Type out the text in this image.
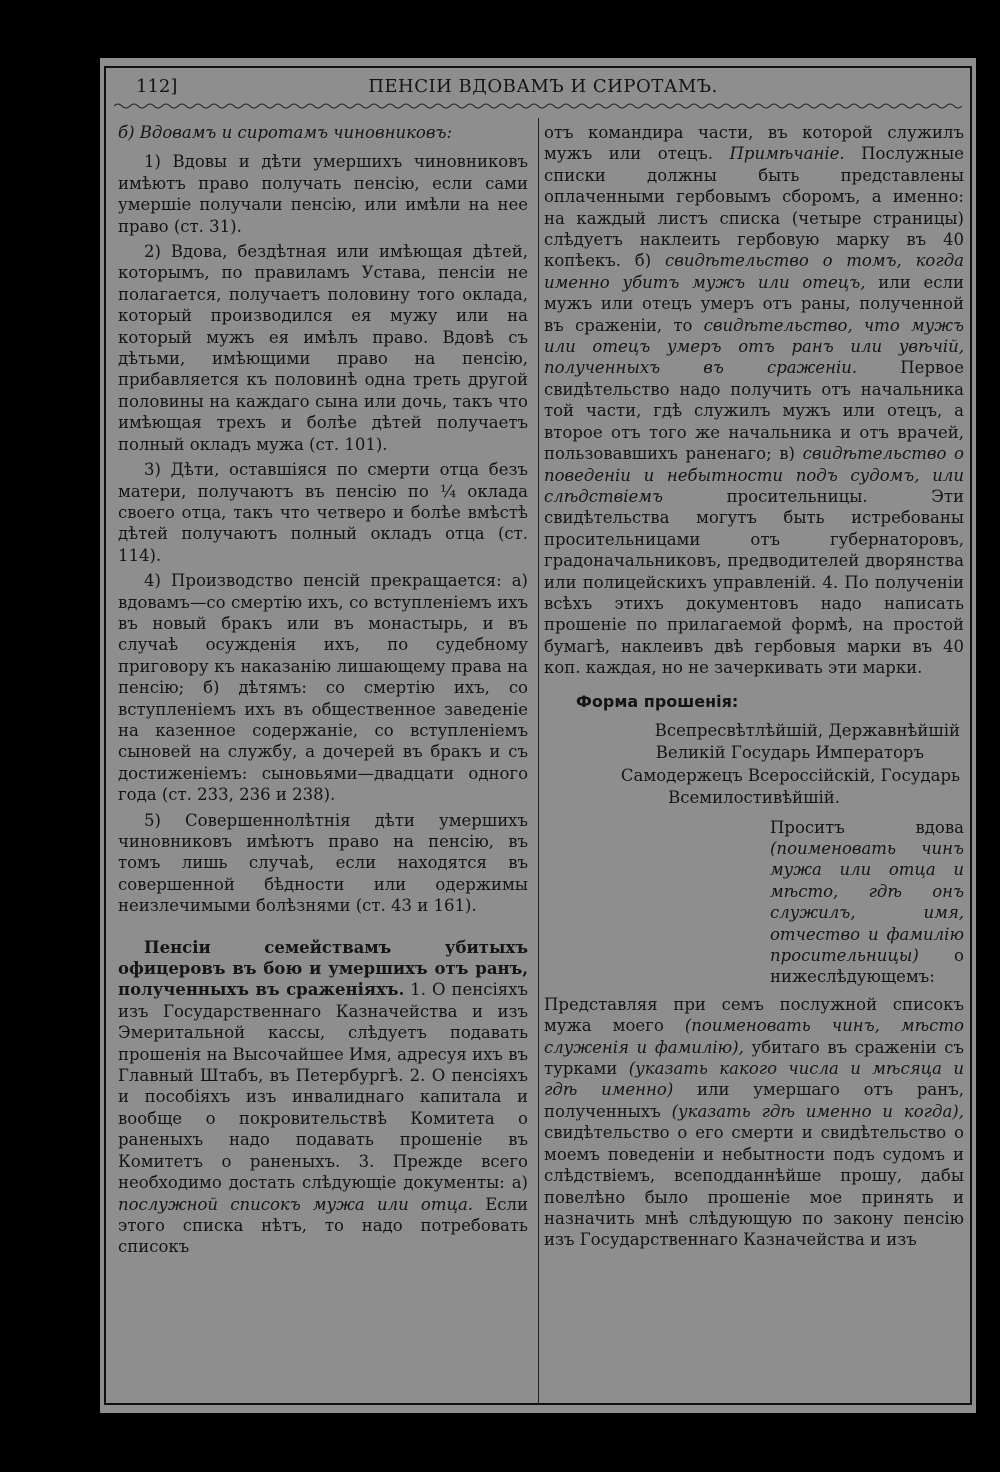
112]	ПЕНСІИ ВДОВАМЪ И СИРОТАМЪ.

б) Вдовамъ и сиротамъ чиновниковъ:

1) Вдовы и дѣти умершихъ чиновниковъ имѣютъ право получать пенсію, если сами умершіе получали пенсію, или имѣли на нее право (ст. 31).

2) Вдова, бездѣтная или имѣющая дѣтей, которымъ, по правиламъ Устава, пенсіи не полагается, получаетъ половину того оклада, который производился ея мужу или на который мужъ ея имѣлъ право. Вдовѣ съ дѣтьми, имѣющими право на пенсію, прибавляется къ половинѣ одна треть другой половины на каждаго сына или дочь, такъ что имѣющая трехъ и болѣе дѣтей получаетъ полный окладъ мужа (ст. 101).

3) Дѣти, оставшіяся по смерти отца безъ матери, получаютъ въ пенсію по ¼ оклада своего отца, такъ что четверо и болѣе вмѣстѣ дѣтей получаютъ полный окладъ отца (ст. 114).

4) Производство пенсій прекращается: а) вдовамъ—со смертію ихъ, со вступленіемъ ихъ въ новый бракъ или въ монастырь, и въ случаѣ осужденія ихъ, по судебному приговору къ наказанію лишающему права на пенсію; б) дѣтямъ: со смертію ихъ, со вступленіемъ ихъ въ общественное заведеніе на казенное содержаніе, со вступленіемъ сыновей на службу, а дочерей въ бракъ и съ достиженіемъ: сыновьями—двадцати одного года (ст. 233, 236 и 238).

5) Совершеннолѣтнія дѣти умершихъ чиновниковъ имѣютъ право на пенсію, въ томъ лишь случаѣ, если находятся въ совершенной бѣдности или одержимы неизлечимыми болѣзнями (ст. 43 и 161).

Пенсіи семействамъ убитыхъ офицеровъ въ бою и умершихъ отъ ранъ, полученныхъ въ сраженіяхъ. 1. О пенсіяхъ изъ Государственнаго Казначейства и изъ Эмеритальной кассы, слѣдуетъ подавать прошенія на Высочайшее Имя, адресуя ихъ въ Главный Штабъ, въ Петербургѣ. 2. О пенсіяхъ и пособіяхъ изъ инвалиднаго капитала и вообще о покровительствѣ Комитета о раненыхъ надо подавать прошеніе въ Комитетъ о раненыхъ. 3. Прежде всего необходимо достать слѣдующіе документы: а) послужной списокъ мужа или отца. Если этого списка нѣтъ, то надо потребовать списокъ

отъ командира части, въ которой служилъ мужъ или отецъ. Примѣчаніе. Послужные списки должны быть представлены оплаченными гербовымъ сборомъ, а именно: на каждый листъ списка (четыре страницы) слѣдуетъ наклеить гербовую марку въ 40 копѣекъ. б) свидѣтельство о томъ, когда именно убитъ мужъ или отецъ, или если мужъ или отецъ умеръ отъ раны, полученной въ сраженіи, то свидѣтельство, что мужъ или отецъ умеръ отъ ранъ или увѣчій, полученныхъ въ сраженіи. Первое свидѣтельство надо получить отъ начальника той части, гдѣ служилъ мужъ или отецъ, а второе отъ того же начальника и отъ врачей, пользовавшихъ раненаго; в) свидѣтельство о поведеніи и небытности подъ судомъ, или слѣдствіемъ просительницы. Эти свидѣтельства могутъ быть истребованы просительницами отъ губернаторовъ, градоначальниковъ, предводителей дворянства или полицейскихъ управленій. 4. По полученіи всѣхъ этихъ документовъ надо написать прошеніе по прилагаемой формѣ, на простой бумагѣ, наклеивъ двѣ гербовыя марки въ 40 коп. каждая, но не зачеркивать эти марки.

Форма прошенія:
Всепресвѣтлѣйшій, Державнѣйшій
Великій Государь Императоръ
Самодержецъ Всероссійскій, Государь
Всемилостивѣйшій.
Проситъ вдова (поименовать чинъ мужа или отца и мѣсто, гдѣ онъ служилъ, имя, отчество и фамилію просительницы) о нижеслѣдующемъ:

Представляя при семъ послужной списокъ мужа моего (поименовать чинъ, мѣсто служенія и фамилію), убитаго въ сраженіи съ турками (указать какого числа и мѣсяца и гдѣ именно) или умершаго отъ ранъ, полученныхъ (указать гдѣ именно и когда), свидѣтельство о его смерти и свидѣтельство о моемъ поведеніи и небытности подъ судомъ и слѣдствіемъ, всеподданнѣйше прошу, дабы повелѣно было прошеніе мое принять и назначить мнѣ слѣдующую по закону пенсію изъ Государственнаго Казначейства и изъ
